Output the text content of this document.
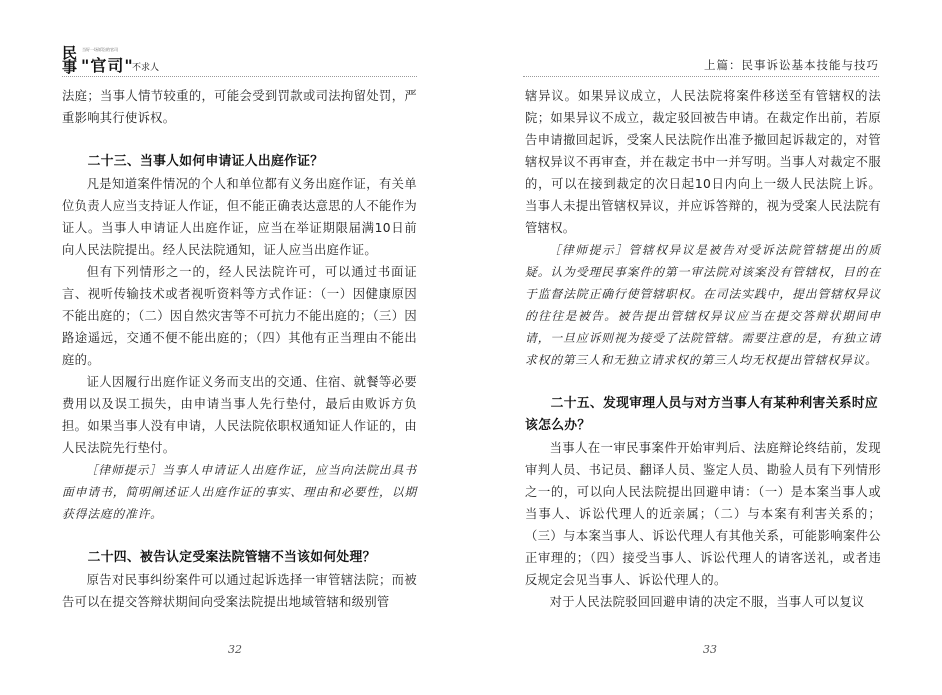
民
事
当好一场诉讼的官司
"官司"
不求人

法庭；当事人情节较重的，可能会受到罚款或司法拘留处罚，严重影响其行使诉权。

二十三、当事人如何申请证人出庭作证？

凡是知道案件情况的个人和单位都有义务出庭作证，有关单位负责人应当支持证人作证，但不能正确表达意思的人不能作为证人。当事人申请证人出庭作证，应当在举证期限届满10日前向人民法院提出。经人民法院通知，证人应当出庭作证。

但有下列情形之一的，经人民法院许可，可以通过书面证言、视听传输技术或者视听资料等方式作证：（一）因健康原因不能出庭的；（二）因自然灾害等不可抗力不能出庭的；（三）因路途遥远，交通不便不能出庭的；（四）其他有正当理由不能出庭的。

证人因履行出庭作证义务而支出的交通、住宿、就餐等必要费用以及误工损失，由申请当事人先行垫付，最后由败诉方负担。如果当事人没有申请，人民法院依职权通知证人作证的，由人民法院先行垫付。

［律师提示］当事人申请证人出庭作证，应当向法院出具书面申请书，简明阐述证人出庭作证的事实、理由和必要性，以期获得法庭的准许。

二十四、被告认定受案法院管辖不当该如何处理？

原告对民事纠纷案件可以通过起诉选择一审管辖法院；而被告可以在提交答辩状期间向受案法院提出地域管辖和级别管

32
上篇：民事诉讼基本技能与技巧

辖异议。如果异议成立，人民法院将案件移送至有管辖权的法院；如果异议不成立，裁定驳回被告申请。在裁定作出前，若原告申请撤回起诉，受案人民法院作出准予撤回起诉裁定的，对管辖权异议不再审查，并在裁定书中一并写明。当事人对裁定不服的，可以在接到裁定的次日起10日内向上一级人民法院上诉。当事人未提出管辖权异议，并应诉答辩的，视为受案人民法院有管辖权。

［律师提示］管辖权异议是被告对受诉法院管辖提出的质疑。认为受理民事案件的第一审法院对该案没有管辖权，目的在于监督法院正确行使管辖职权。在司法实践中，提出管辖权异议的往往是被告。被告提出管辖权异议应当在提交答辩状期间申请，一旦应诉则视为接受了法院管辖。需要注意的是，有独立请求权的第三人和无独立请求权的第三人均无权提出管辖权异议。

二十五、发现审理人员与对方当事人有某种利害关系时应该怎么办？

当事人在一审民事案件开始审判后、法庭辩论终结前，发现审判人员、书记员、翻译人员、鉴定人员、勘验人员有下列情形之一的，可以向人民法院提出回避申请：（一）是本案当事人或当事人、诉讼代理人的近亲属；（二）与本案有利害关系的；（三）与本案当事人、诉讼代理人有其他关系，可能影响案件公正审理的；（四）接受当事人、诉讼代理人的请客送礼，或者违反规定会见当事人、诉讼代理人的。

对于人民法院驳回回避申请的决定不服，当事人可以复议

33
